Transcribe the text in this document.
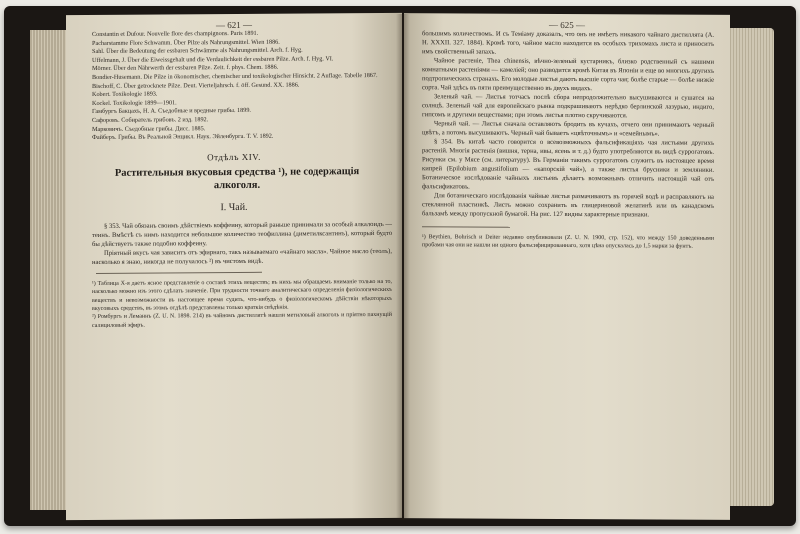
— 621 —

Constantin et Dufour. Nouvelle flore des champignons. Paris 1891.

Pacharstamme Flore Schwamm. Über Pilze als Nahrungsmittel. Wien 1886.

Sahl. Über die Bedeutung der essbaren Schwämme als Nahrungsmittel. Arch. f. Hyg.

Uffelmann, J. Über die Eiweissgehalt und die Verdaulichkeit der essbaren Pilze. Arch. f. Hyg. VI.

Mörner. Über den Nährwerth der essbaren Pilze. Zeit. f. phys. Chem. 1886.

Bondier-Husemann. Die Pilze in ökonomischer, chemischer und toxikologischer Hinsicht. 2 Auflage. Tabelle 1867.

Bischoff, C. Über getrocknete Pilze. Deut. Vierteljahrsch. f. öff. Gesund. XX. 1886.

Kobert. Toxikologie 1893.

Kockel. Toxikologie 1899—1901.

Гамбургъ Бакцахъ, Н. А. Съедобные и вредные грибы. 1899.

Сафоровъ. Собиратель грибовъ. 2 изд. 1892.

Марковичъ. Съедобные грибы. Дисс. 1885.

Файберъ. Грибы. Въ Реальной Энцикл. Наук. Эйленбурга. Т. V. 1892.

Отдѣлъ XIV.
Растительныя вкусовыя средства ¹), не содержащія алкоголя.
I. Чай.

§ 353. Чай обязанъ своимъ дѣйствіемъ коффеину, который раньше принимали за особый алкалоидъ — теинъ. Вмѣстѣ съ нимъ находится небольшое количество теофиллина (диметилксантинъ), который будто бы дѣйствуетъ также подобно коффеину.

Пріятный вкусъ чая зависитъ отъ эфирнаго, такъ называемаго «чайнаго масла». Чайное масло (теолъ), насколько я знаю, никогда не получалось ²) въ чистомъ видѣ.

¹) Таблица Х-я даетъ ясное представленіе о составѣ этихъ веществъ; въ нихъ мы обращаемъ вниманіе только на то, насколько можно изъ этого сдѣлать значеніе. При трудности точнаго аналитическаго определенія физіологическихъ веществъ и невозможности въ настоящее время судить, что-нибудь о физіологическомъ дѣйствіи нѣкоторыхъ вкусовыхъ средствъ, въ этомъ отдѣлѣ представлены только краткія свѣдѣнія.

²) Ромбургъ и Леманнъ (Z. U. N. 1898. 214) въ чайномъ дистиллятѣ нашли метиловый алкоголь и пріятно пахнущій салициловый эфиръ.

— 625 —

большимъ количествомъ. И съ Теміаму доказалъ, что онъ не имѣетъ никакого чайнаго дистиллята (А. Н. XXXII. 327. 1884). Кромѣ того, чайное масло находится въ особыхъ трихомахъ листа и приноситъ имъ свойственный запахъ.

Чайное растеніе, Thea chinensis, вѣчно-зеленый кустарникъ, близко родственный съ нашими комнатными растеніями — камеліей; оно разводится кромѣ Китая въ Японіи и еще во многихъ другихъ подтропическихъ странахъ. Его молодые листья даютъ высшіе сорта чая; болѣе старые — болѣе низкіе сорта. Чай здѣсь въ пяти преимущественно въ двухъ видахъ.

Зеленый чай. — Листья тотчасъ послѣ сбора непродолжительно высушиваются и сушатся на солнцѣ. Зеленый чай для европейскаго рынка подкрашиваютъ нерѣдко берлинской лазурью, индиго, гипсомъ и другими веществами; при этомъ листья плотно скручиваются.

Черный чай. — Листья сначала оставляютъ бродить въ кучахъ, отчего они принимаютъ черный цвѣтъ, а потомъ высушиваютъ. Черный чай бываетъ «цвѣточнымъ» и «семейнымъ».

§ 354. Въ китаѣ часто говорится о всевозможныхъ фальсификаціяхъ чая листьями другихъ растеній. Многія растенія (вишня, терна, ивы, ясень и т. д.) будто употребляются въ видѣ суррогатовъ. Рисунки см. у Мясе (см. литературу). Въ Германіи такимъ суррогатомъ служитъ въ настоящее время кипрей (Epilobium angustifolium — «капорскій чай»), а также листья брусники и земляники. Ботаническое изслѣдованіе чайныхъ листьевъ дѣлаетъ возможнымъ отличить настоящій чай отъ фальсификатовъ.

Для ботаническаго изслѣдованія чайные листья размачиваютъ въ горячей водѣ и расправляютъ на стеклянной пластинкѣ. Листъ можно сохранить въ глицериновой желатинѣ или въ канадскомъ бальзамѣ между пропускной бумагой. На рис. 127 видны характерные признаки.

¹) Beythien, Bohrisch и Deiter недавно опубликовали (Z. U. N. 1900, стр. 152), что между 150 доведенными пробами чая они не нашли ни одного фальсифицированнаго, хотя цѣна опускалась до 1,5 марки за фунтъ.
